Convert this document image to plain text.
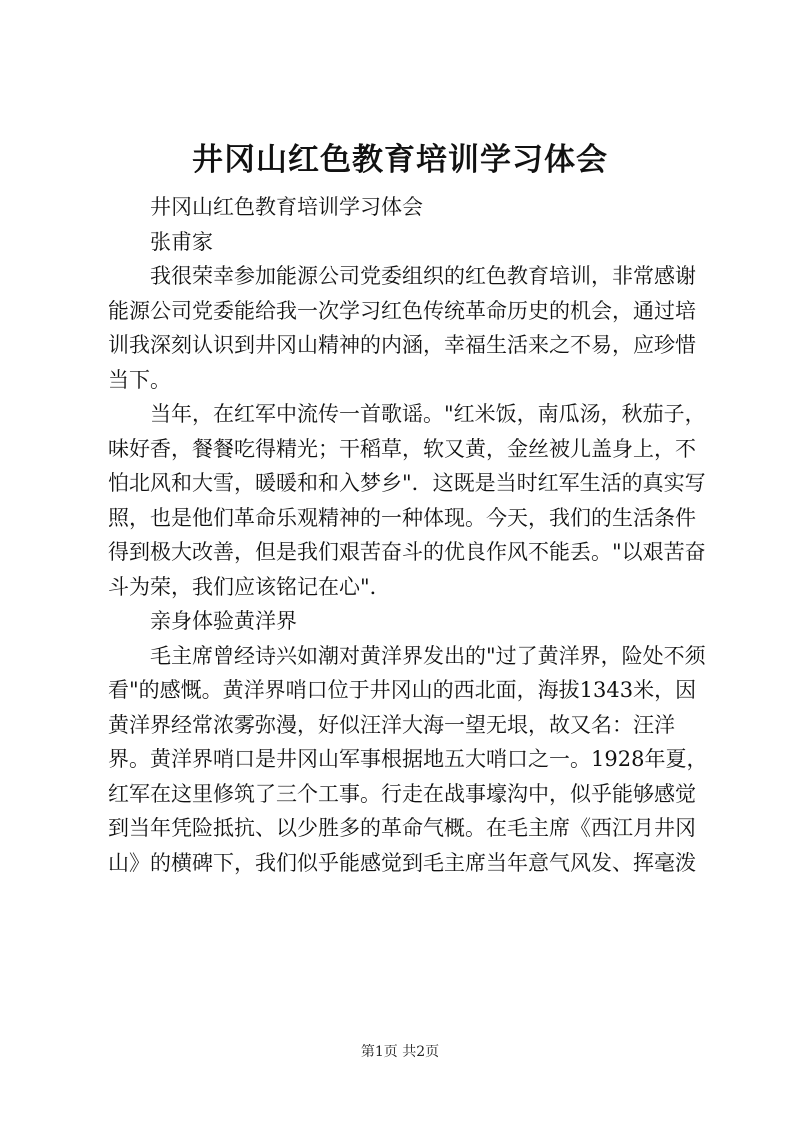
井冈山红色教育培训学习体会

井冈山红色教育培训学习体会

张甫家

我很荣幸参加能源公司党委组织的红色教育培训，非常感谢能源公司党委能给我一次学习红色传统革命历史的机会，通过培训我深刻认识到井冈山精神的内涵，幸福生活来之不易，应珍惜当下。

当年，在红军中流传一首歌谣。"红米饭，南瓜汤，秋茄子，味好香，餐餐吃得精光；干稻草，软又黄，金丝被儿盖身上，不怕北风和大雪，暖暖和和入梦乡"．这既是当时红军生活的真实写照，也是他们革命乐观精神的一种体现。今天，我们的生活条件得到极大改善，但是我们艰苦奋斗的优良作风不能丢。"以艰苦奋斗为荣，我们应该铭记在心"．

亲身体验黄洋界

毛主席曾经诗兴如潮对黄洋界发出的"过了黄洋界，险处不须看"的感慨。黄洋界哨口位于井冈山的西北面，海拔1343米，因黄洋界经常浓雾弥漫，好似汪洋大海一望无垠，故又名：汪洋界。黄洋界哨口是井冈山军事根据地五大哨口之一。1928年夏，红军在这里修筑了三个工事。行走在战事壕沟中，似乎能够感觉到当年凭险抵抗、以少胜多的革命气概。在毛主席《西江月井冈山》的横碑下，我们似乎能感觉到毛主席当年意气风发、挥毫泼

第1页 共2页
